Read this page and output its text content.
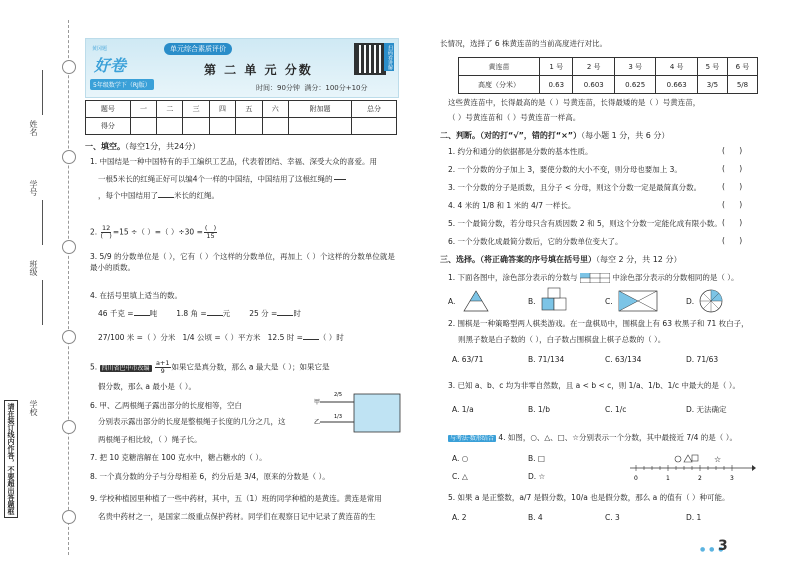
姓名
学号
班级
学校
请在装订线内作答，不要超出答题框
黄冈题
好卷
5年级数学下（RJ版）
单元综合素质评价
第 二 单 元 分数
时间：90分钟 满分：100分+10分
扫码看讲解
题号	一	二	三	四	五	六	附加题	总分
得分								
一、填空。（每空1分，共24分）
1. 中国结是一种中国特有的手工编织工艺品，代表着团结、幸福、深受大众的喜爱。用
一根5米长的红绳正好可以编4个一样的中国结，中国结用了这根红绳的

，每个中国结用了 米长的红绳。
2. $\frac{12}{( )} =15$ ÷（ ）=（ ）$\div 30 = \frac{( )}{15}$
3. 5/9 的分数单位是（ ），它有（ ）个这样的分数单位，再加上（ ）个这样的分数单位就是最小的质数。
4. 在括号里填上适当的数。
46 千克 = 吨	1.8 角 = 元	25 分 = 时
27/100 米 =（ ）分米 1/4 公顷 =（ ）平方米 12.5 时 = （ ）时
5. 四川省巴中市改编 $\frac{a+1}{9}$ 如果它是真分数，那么 a 最大是（ ）；如果它是
假分数，那么 a 最小是（ ）。
6. 甲、乙两根绳子露出部分的长度相等，空白
分别表示露出部分的长度是整根绳子长度的几分之几，这
两根绳子相比较，（ ）绳子长。
甲
乙
2/5
1/3
7. 把 10 克糖溶解在 100 克水中，糖占糖水的（ ）。
8. 一个真分数的分子与分母相差 6，约分后是 3/4，原来的分数是（ ）。
9. 学校种植园里种植了一些中药材，其中，五（1）班的同学种植的是黄连。黄连是常用
名贵中药材之一，是国家二级重点保护药材。同学们在观察日记中记录了黄连苗的生
长情况，选择了 6 株黄连苗的当前高度进行对比。
黄连苗	1 号	2 号	3 号	4 号	5 号	6 号
高度（分米）	0.63	0.603	0.625	0.663	3/5	5/8
这些黄连苗中，长得最高的是（ ）号黄连苗，长得最矮的是（ ）号黄连苗，
（ ）号黄连苗和（ ）号黄连苗一样高。
二、判断。（对的打“√”，错的打“×”）（每小题 1 分，共 6 分）
1. 约分和通分的依据都是分数的基本性质。	(      )
2. 一个分数的分子加上 3，要使分数的大小不变，则分母也要加上 3。	(      )
3. 一个分数的分子是质数，且分子 < 分母，则这个分数一定是最简真分数。	(      )
4. 4 米的 1/8 和 1 米的 4/7 一样长。	(      )
5. 一个最简分数，若分母只含有质因数 2 和 5，则这个分数一定能化成有限小数。 (      )
6. 一个分数化成最简分数后，它的分数单位变大了。	(      )
三、选择。（将正确答案的序号填在括号里）（每空 2 分，共 12 分）
1. 下面各图中，涂色部分表示的分数与	中涂色部分表示的分数相同的是（ ）。
A.	B.	C.	D.
2. 围棋是一种策略型两人棋类游戏。在一盘棋局中，围棋盘上有 63 枚黑子和 71 枚白子，
则黑子数是白子数的（ ），白子数占围棋盘上棋子总数的（ ）。
A. 63/71	B. 71/134	C. 63/134	D. 71/63
3. 已知 a、b、c 均为非零自然数，且 a < b < c，则 1/a、1/b、1/c 中最大的是（ ）。
A. 1/a	B. 1/b	C. 1/c	D. 无法确定
与考法·数形结合 4. 如图，○、△、□、☆分别表示一个分数，其中最接近 7/4 的是（ ）。
A. ○	B. □
C. △	D. ☆
☆
0	1	2	3
5. 如果 a 是正整数，a/7 是假分数，10/a 也是假分数，那么 a 的值有（ ）种可能。
A. 2	B. 4	C. 3	D. 1
● ● ●
3
